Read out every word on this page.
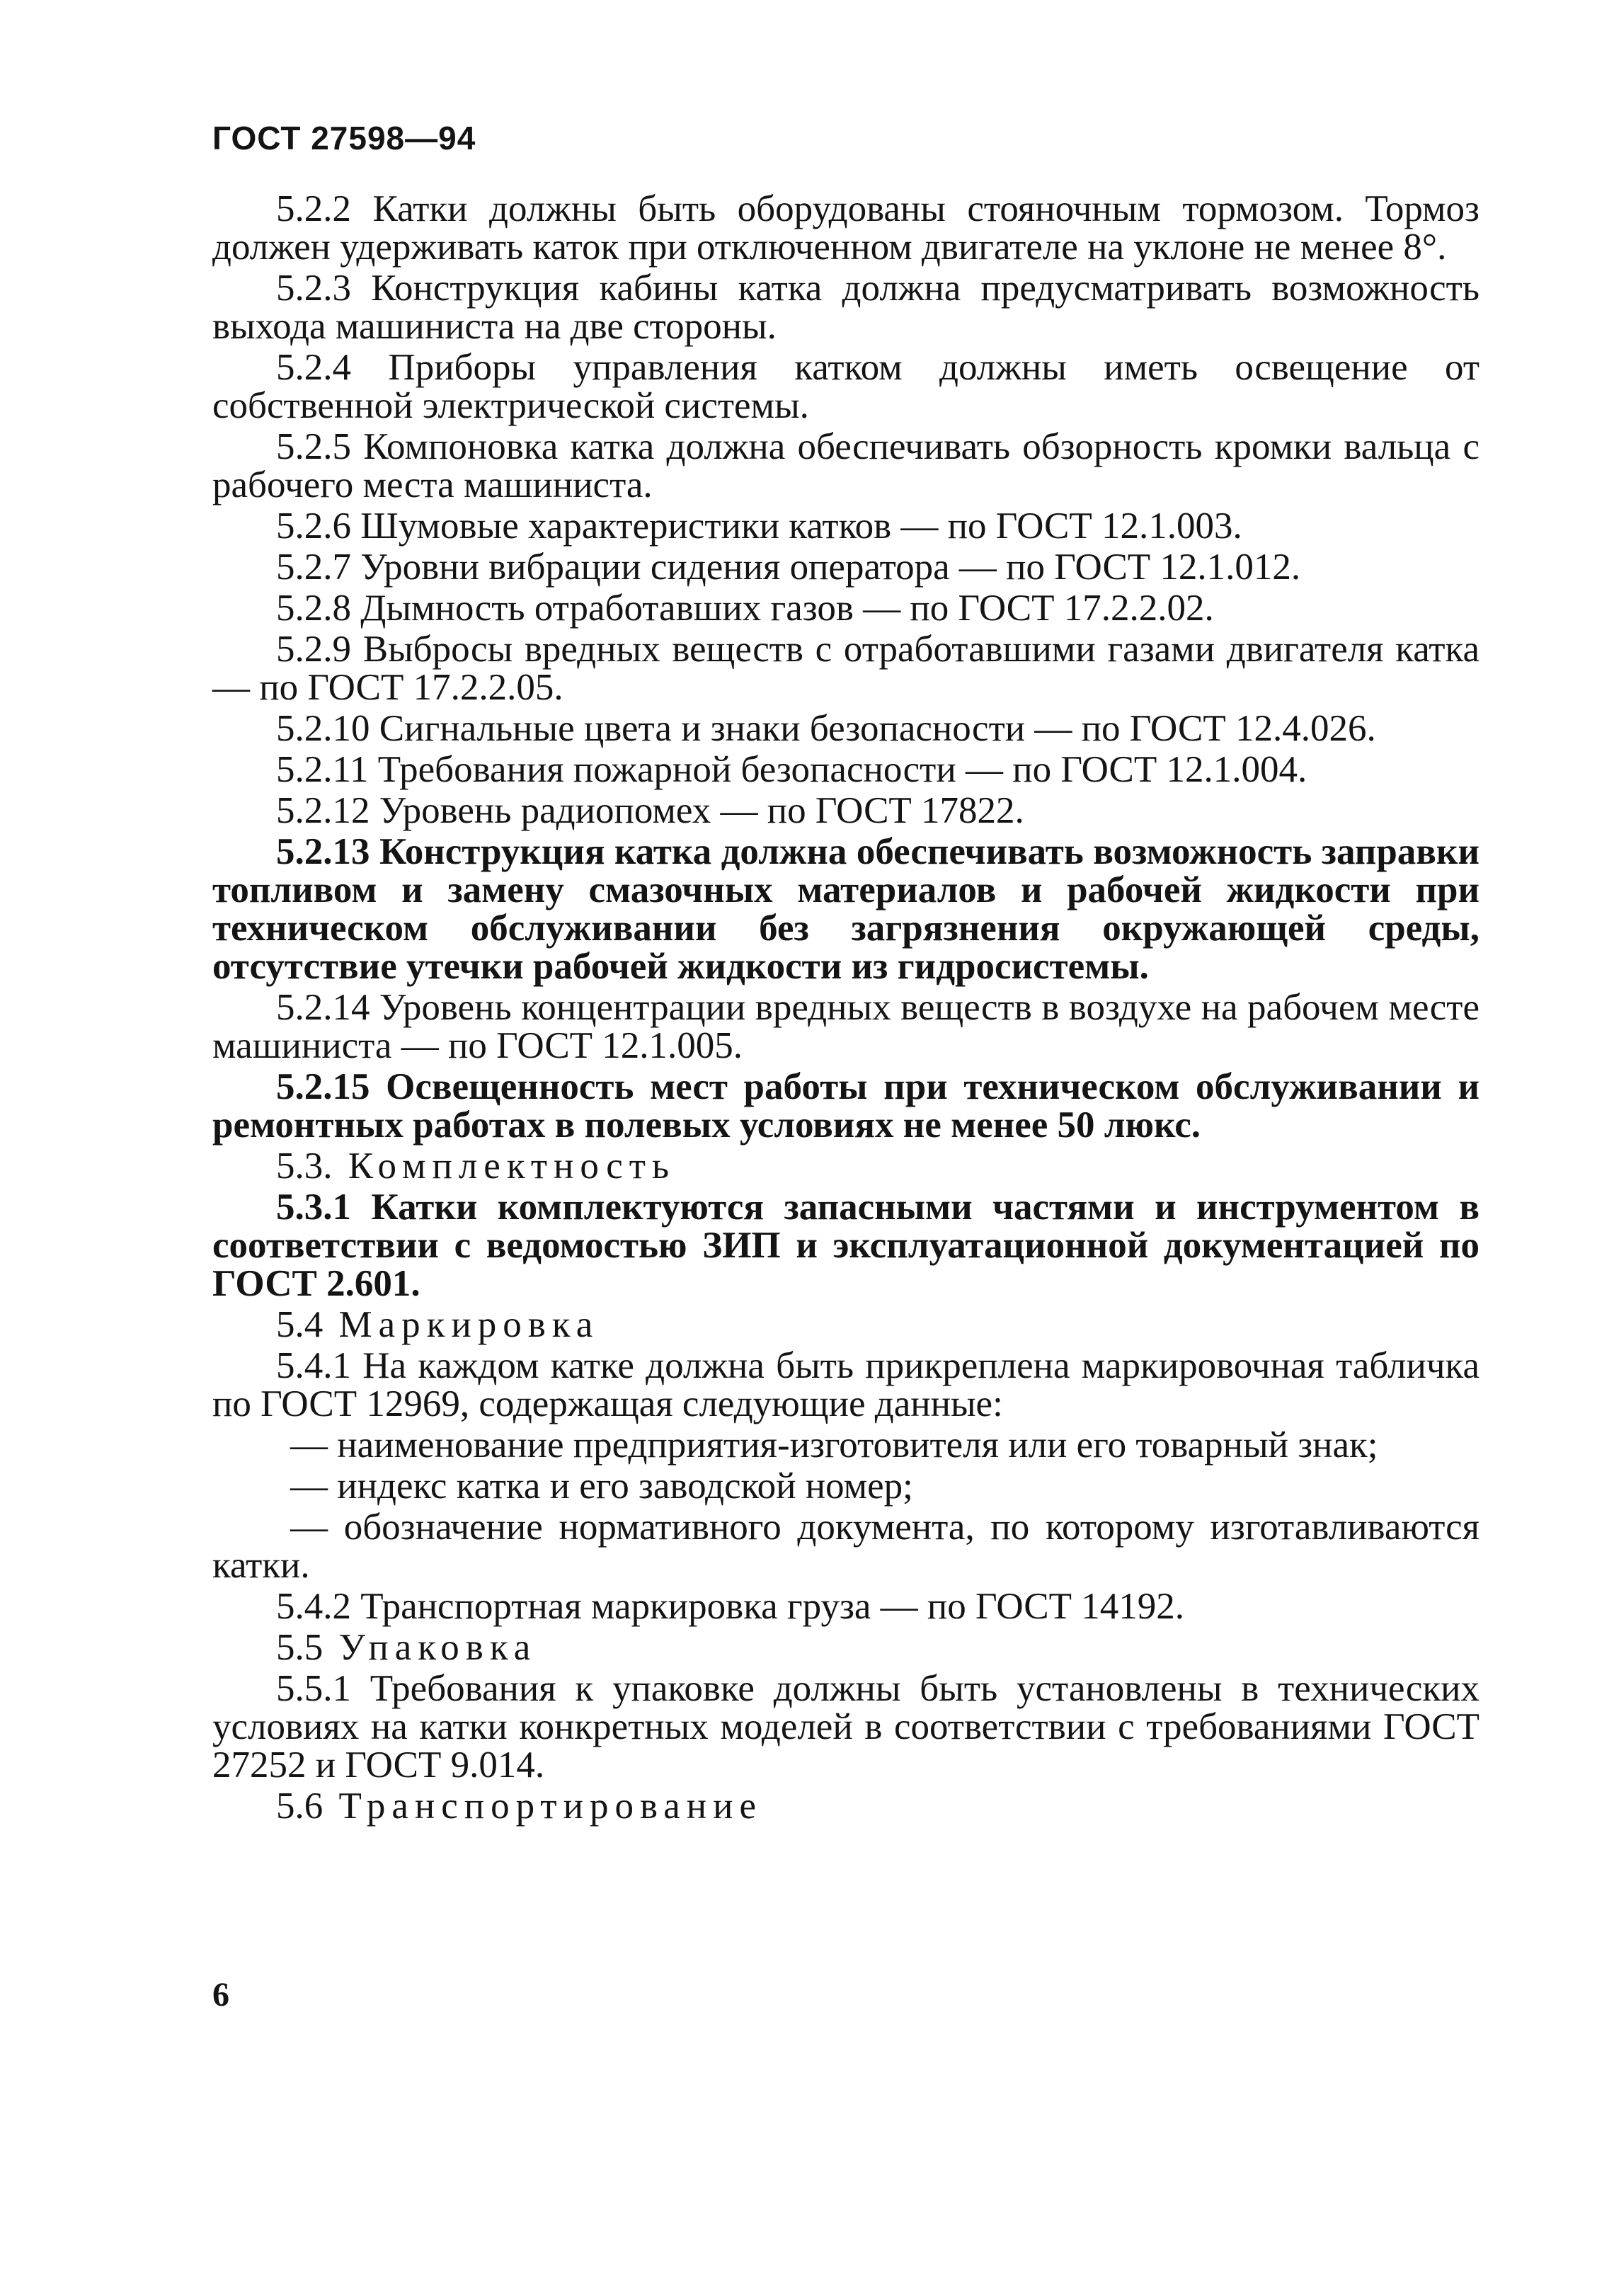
ГОСТ 27598—94

5.2.2 Катки должны быть оборудованы стояночным тормозом. Тормоз должен удерживать каток при отключенном двигателе на уклоне не менее 8°.

5.2.3 Конструкция кабины катка должна предусматривать возможность выхода машиниста на две стороны.

5.2.4 Приборы управления катком должны иметь освещение от собственной электрической системы.

5.2.5 Компоновка катка должна обеспечивать обзорность кромки вальца с рабочего места машиниста.

5.2.6 Шумовые характеристики катков — по ГОСТ 12.1.003.

5.2.7 Уровни вибрации сидения оператора — по ГОСТ 12.1.012.

5.2.8 Дымность отработавших газов — по ГОСТ 17.2.2.02.

5.2.9 Выбросы вредных веществ с отработавшими газами двигателя катка — по ГОСТ 17.2.2.05.

5.2.10 Сигнальные цвета и знаки безопасности — по ГОСТ 12.4.026.

5.2.11 Требования пожарной безопасности — по ГОСТ 12.1.004.

5.2.12 Уровень радиопомех — по ГОСТ 17822.

5.2.13 Конструкция катка должна обеспечивать возможность заправки топливом и замену смазочных материалов и рабочей жидкости при техническом обслуживании без загрязнения окружающей среды, отсутствие утечки рабочей жидкости из гидросистемы.

5.2.14 Уровень концентрации вредных веществ в воздухе на рабочем месте машиниста — по ГОСТ 12.1.005.

5.2.15 Освещенность мест работы при техническом обслуживании и ремонтных работах в полевых условиях не менее 50 люкс.

5.3. Комплектность

5.3.1 Катки комплектуются запасными частями и инструментом в соответствии с ведомостью ЗИП и эксплуатационной документацией по ГОСТ 2.601.

5.4 Маркировка

5.4.1 На каждом катке должна быть прикреплена маркировочная табличка по ГОСТ 12969, содержащая следующие данные:

— наименование предприятия-изготовителя или его товарный знак;

— индекс катка и его заводской номер;

— обозначение нормативного документа, по которому изготавливаются катки.

5.4.2 Транспортная маркировка груза — по ГОСТ 14192.

5.5 Упаковка

5.5.1 Требования к упаковке должны быть установлены в технических условиях на катки конкретных моделей в соответствии с требованиями ГОСТ 27252 и ГОСТ 9.014.

5.6 Транспортирование

6
